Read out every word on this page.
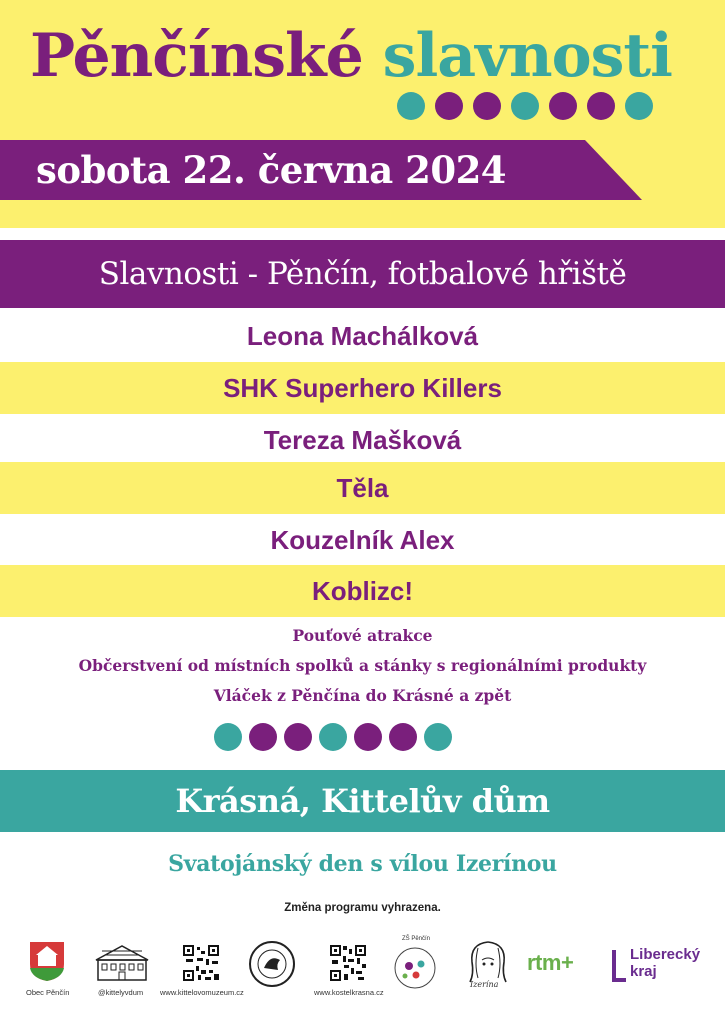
Pěnčínské slavnosti
sobota 22. června 2024
Slavnosti - Pěnčín, fotbalové hřiště
Leona Machálková
SHK Superhero Killers
Tereza Mašková
Těla
Kouzelník Alex
Koblizc!
Pouťové atrakce
Občerstvení od místních spolků a stánky s regionálními produkty
Vláček z Pěnčína do Krásné a zpět
Krásná, Kittelův dům
Svatojánský den s vílou Izerínou
Změna programu vyhrazena.
Obec Pěnčín	@kittelуvdum www.kittelovomuzeum.cz	www.kostelkrasna.cz
ZŠ Pěnčín
Izerína
rtm+	Liberecký
kraj
